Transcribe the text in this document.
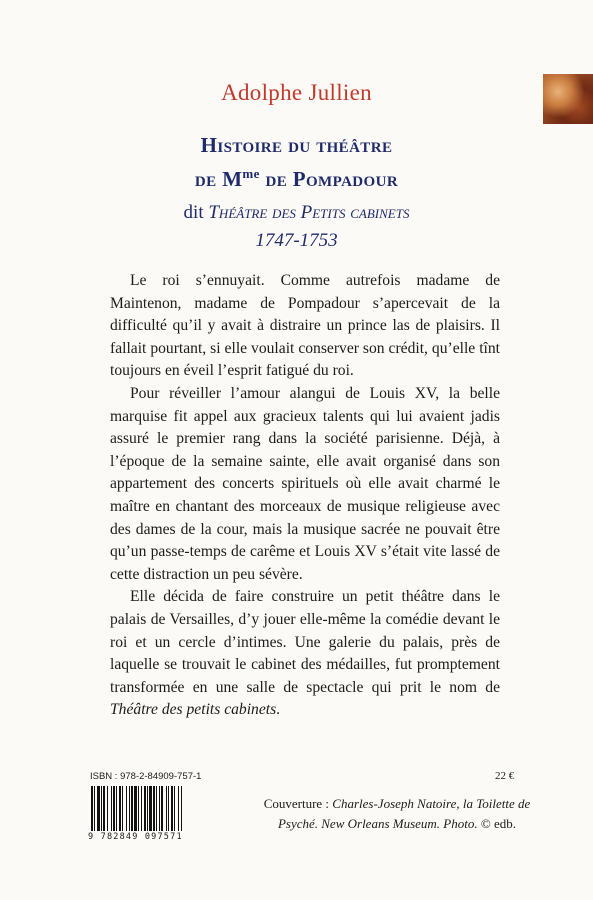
Adolphe Jullien
Histoire du théâtre
de $M^{me}$ de Pompadour
dit Théâtre des Petits cabinets
1747-1753

Le roi s’ennuyait. Comme autrefois madame de Maintenon, madame de Pompadour s’apercevait de la difficulté qu’il y avait à distraire un prince las de plaisirs. Il fallait pourtant, si elle voulait conserver son crédit, qu’elle tînt toujours en éveil l’esprit fatigué du roi.

Pour réveiller l’amour alangui de Louis XV, la belle marquise fit appel aux gracieux talents qui lui avaient jadis assuré le premier rang dans la société parisienne. Déjà, à l’époque de la semaine sainte, elle avait organisé dans son appartement des concerts spirituels où elle avait charmé le maître en chantant des morceaux de musique religieuse avec des dames de la cour, mais la musique sacrée ne pouvait être qu’un passe-temps de carême et Louis XV s’était vite lassé de cette distraction un peu sévère.

Elle décida de faire construire un petit théâtre dans le palais de Versailles, d’y jouer elle-même la comédie devant le roi et un cercle d’intimes. Une galerie du palais, près de laquelle se trouvait le cabinet des médailles, fut promptement transformée en une salle de spectacle qui prit le nom de Théâtre des petits cabinets.

ISBN : 978-2-84909-757-1
9 782849 097571
22 €
Couverture : Charles-Joseph Natoire, la Toilette de Psyché. New Orleans Museum. Photo. © edb.
